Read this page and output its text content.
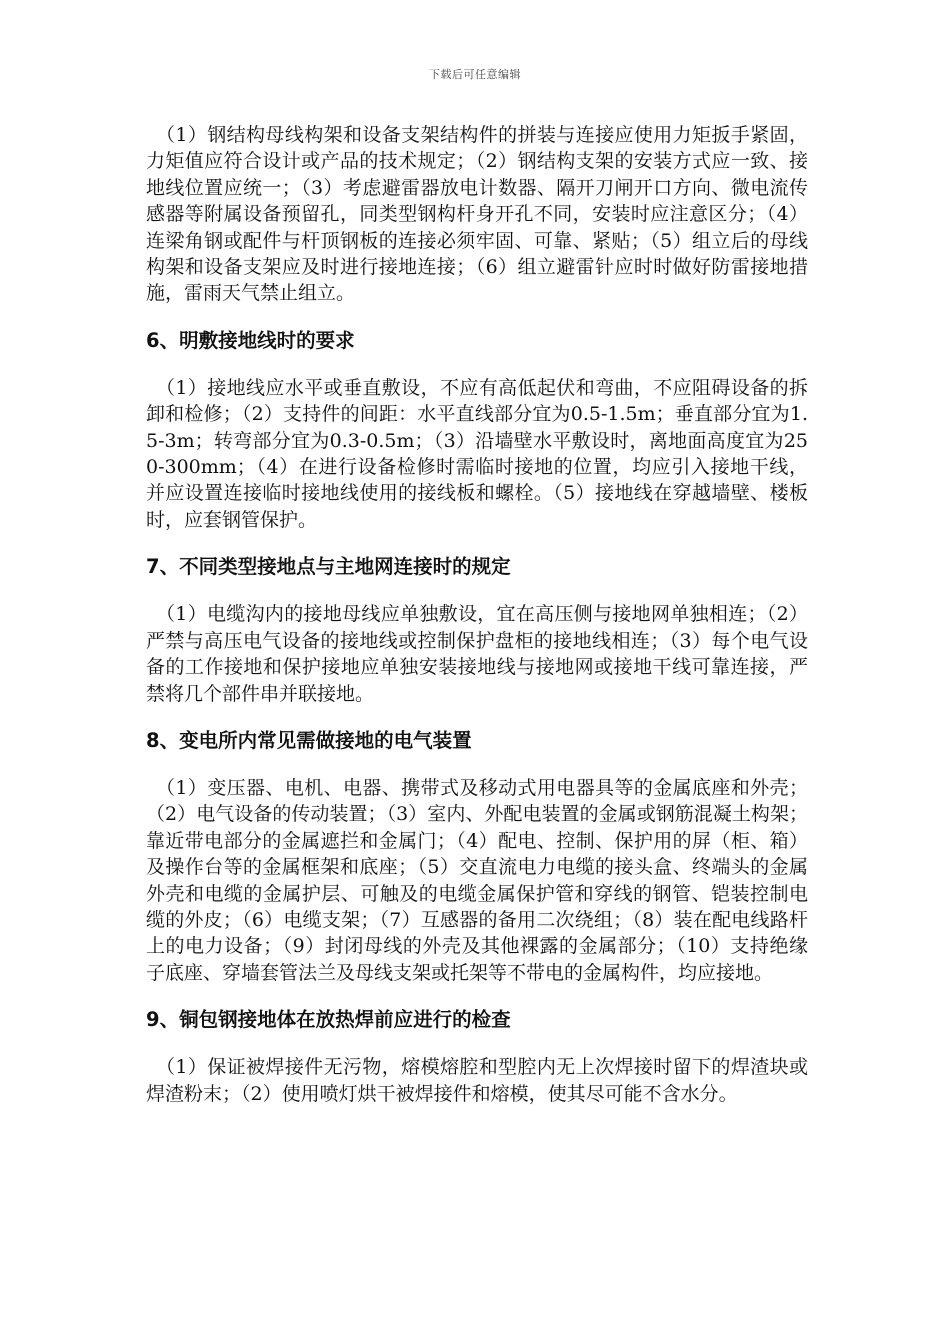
下载后可任意编辑

（1）钢结构母线构架和设备支架结构件的拼装与连接应使用力矩扳手紧固，力矩值应符合设计或产品的技术规定；（2）钢结构支架的安装方式应一致、接地线位置应统一；（3）考虑避雷器放电计数器、隔开刀闸开口方向、微电流传感器等附属设备预留孔，同类型钢构杆身开孔不同，安装时应注意区分；（4）连梁角钢或配件与杆顶钢板的连接必须牢固、可靠、紧贴；（5）组立后的母线构架和设备支架应及时进行接地连接；（6）组立避雷针应时时做好防雷接地措施，雷雨天气禁止组立。

6、明敷接地线时的要求

（1）接地线应水平或垂直敷设，不应有高低起伏和弯曲，不应阻碍设备的拆卸和检修；（2）支持件的间距：水平直线部分宜为0.5-1.5m；垂直部分宜为1.5-3m；转弯部分宜为0.3-0.5m；（3）沿墙壁水平敷设时，离地面高度宜为250-300mm；（4）在进行设备检修时需临时接地的位置，均应引入接地干线，并应设置连接临时接地线使用的接线板和螺栓。（5）接地线在穿越墙壁、楼板时，应套钢管保护。

7、不同类型接地点与主地网连接时的规定

（1）电缆沟内的接地母线应单独敷设，宜在高压侧与接地网单独相连；（2）严禁与高压电气设备的接地线或控制保护盘柜的接地线相连；（3）每个电气设备的工作接地和保护接地应单独安装接地线与接地网或接地干线可靠连接，严禁将几个部件串并联接地。

8、变电所内常见需做接地的电气装置

（1）变压器、电机、电器、携带式及移动式用电器具等的金属底座和外壳；（2）电气设备的传动装置；（3）室内、外配电装置的金属或钢筋混凝土构架；靠近带电部分的金属遮拦和金属门；（4）配电、控制、保护用的屏（柜、箱）及操作台等的金属框架和底座；（5）交直流电力电缆的接头盒、终端头的金属外壳和电缆的金属护层、可触及的电缆金属保护管和穿线的钢管、铠装控制电缆的外皮；（6）电缆支架；（7）互感器的备用二次绕组；（8）装在配电线路杆上的电力设备；（9）封闭母线的外壳及其他裸露的金属部分；（10）支持绝缘子底座、穿墙套管法兰及母线支架或托架等不带电的金属构件，均应接地。

9、铜包钢接地体在放热焊前应进行的检查

（1）保证被焊接件无污物，熔模熔腔和型腔内无上次焊接时留下的焊渣块或焊渣粉末；（2）使用喷灯烘干被焊接件和熔模，使其尽可能不含水分。
